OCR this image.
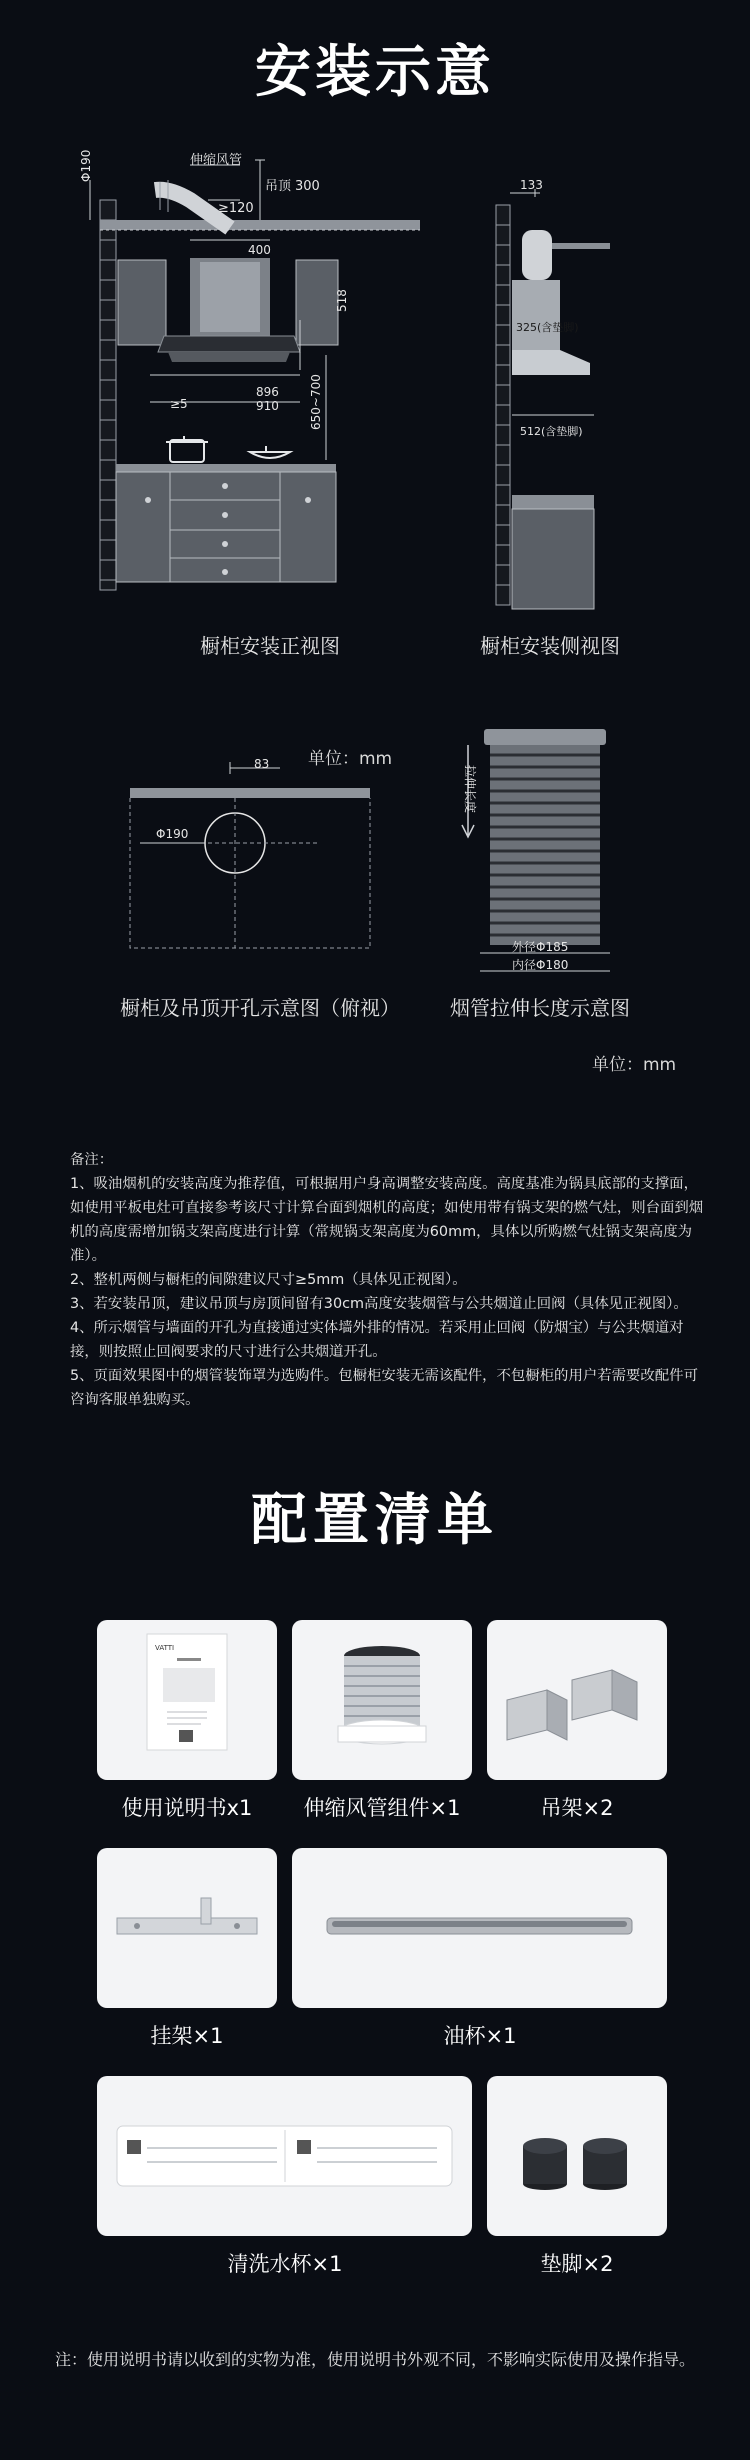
安装示意
Φ190	伸缩风管
吊顶 300
≥120
400
518
896
910
≥5	650~700
橱柜安装正视图
133
325(含垫脚)
512(含垫脚)
橱柜安装侧视图
单位：mm
83
Φ190
橱柜及吊顶开孔示意图（俯视）
拉伸长度
外径Φ185
内径Φ180
烟管拉伸长度示意图
单位：mm

备注：

1、吸油烟机的安装高度为推荐值，可根据用户身高调整安装高度。高度基准为锅具底部的支撑面，如使用平板电灶可直接参考该尺寸计算台面到烟机的高度；如使用带有锅支架的燃气灶，则台面到烟机的高度需增加锅支架高度进行计算（常规锅支架高度为60mm，具体以所购燃气灶锅支架高度为准）。

2、整机两侧与橱柜的间隙建议尺寸≥5mm（具体见正视图）。

3、若安装吊顶，建议吊顶与房顶间留有30cm高度安装烟管与公共烟道止回阀（具体见正视图）。

4、所示烟管与墙面的开孔为直接通过实体墙外排的情况。若采用止回阀（防烟宝）与公共烟道对接，则按照止回阀要求的尺寸进行公共烟道开孔。

5、页面效果图中的烟管装饰罩为选购件。包橱柜安装无需该配件，不包橱柜的用户若需要改配件可咨询客服单独购买。

配置清单
VATTI
使用说明书x1	伸缩风管组件×1	吊架×2
挂架×1	油杯×1
清洗水杯×1	垫脚×2
注：使用说明书请以收到的实物为准，使用说明书外观不同，不影响实际使用及操作指导。
